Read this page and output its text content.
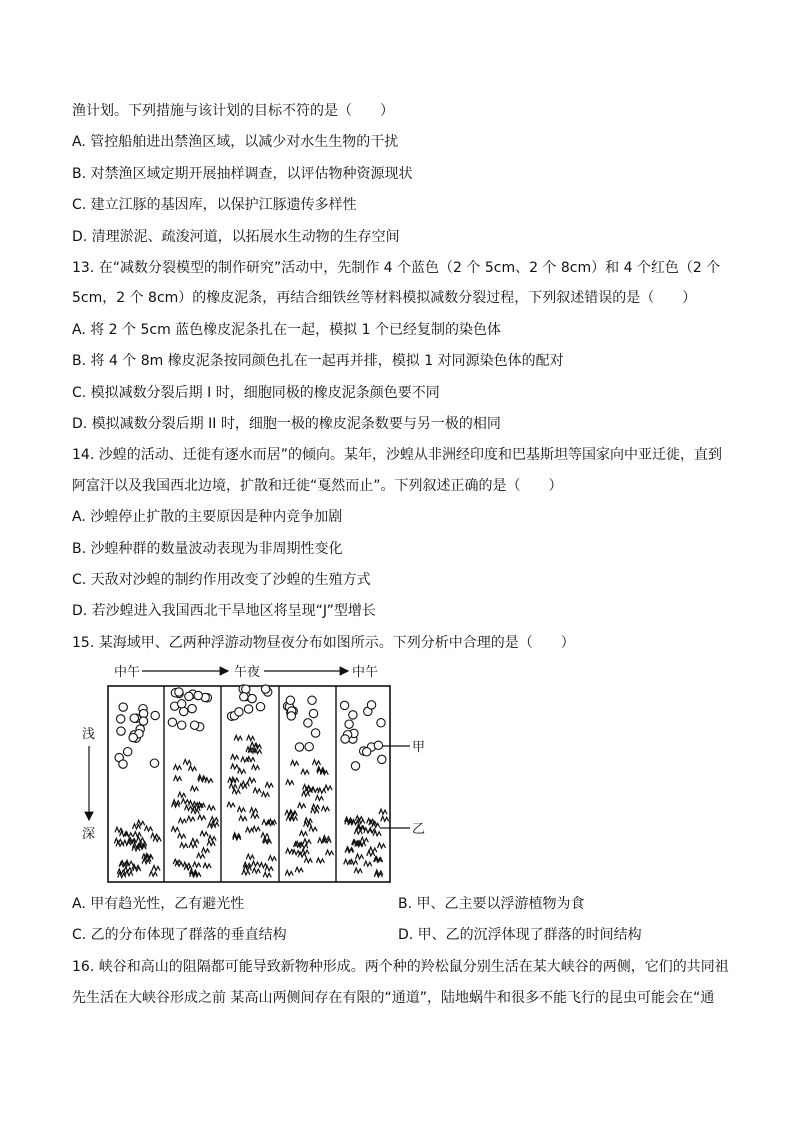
渔计划。下列措施与该计划的目标不符的是（　　）
A. 管控船舶进出禁渔区域，以减少对水生生物的干扰
B. 对禁渔区域定期开展抽样调查，以评估物种资源现状
C. 建立江豚的基因库，以保护江豚遗传多样性
D. 清理淤泥、疏浚河道，以拓展水生动物的生存空间
13. 在“减数分裂模型的制作研究”活动中，先制作 4 个蓝色（2 个 5cm、2 个 8cm）和 4 个红色（2 个
5cm，2 个 8cm）的橡皮泥条，再结合细铁丝等材料模拟减数分裂过程，下列叙述错误的是（　　）
A. 将 2 个 5cm 蓝色橡皮泥条扎在一起，模拟 1 个已经复制的染色体
B. 将 4 个 8m 橡皮泥条按同颜色扎在一起再并排，模拟 1 对同源染色体的配对
C. 模拟减数分裂后期 I 时，细胞同极的橡皮泥条颜色要不同
D. 模拟减数分裂后期 II 时，细胞一极的橡皮泥条数要与另一极的相同
14. 沙蝗的活动、迁徙有逐水而居”的倾向。某年，沙蝗从非洲经印度和巴基斯坦等国家向中亚迁徙，直到
阿富汗以及我国西北边境，扩散和迁徙“戛然而止”。下列叙述正确的是（　　）
A. 沙蝗停止扩散的主要原因是种内竞争加剧
B. 沙蝗种群的数量波动表现为非周期性变化
C. 天敌对沙蝗的制约作用改变了沙蝗的生殖方式
D. 若沙蝗进入我国西北干旱地区将呈现“J”型增长
15. 某海域甲、乙两种浮游动物昼夜分布如图所示。下列分析中合理的是（　　）
中午	午夜	中午
浅
深
甲
乙
A. 甲有趋光性，乙有避光性	B. 甲、乙主要以浮游植物为食
C. 乙的分布体现了群落的垂直结构	D. 甲、乙的沉浮体现了群落的时间结构
16. 峡谷和高山的阻隔都可能导致新物种形成。两个种的羚松鼠分别生活在某大峡谷的两侧，它们的共同祖
先生活在大峡谷形成之前 某高山两侧间存在有限的“通道”，陆地蜗牛和很多不能飞行的昆虫可能会在“通
